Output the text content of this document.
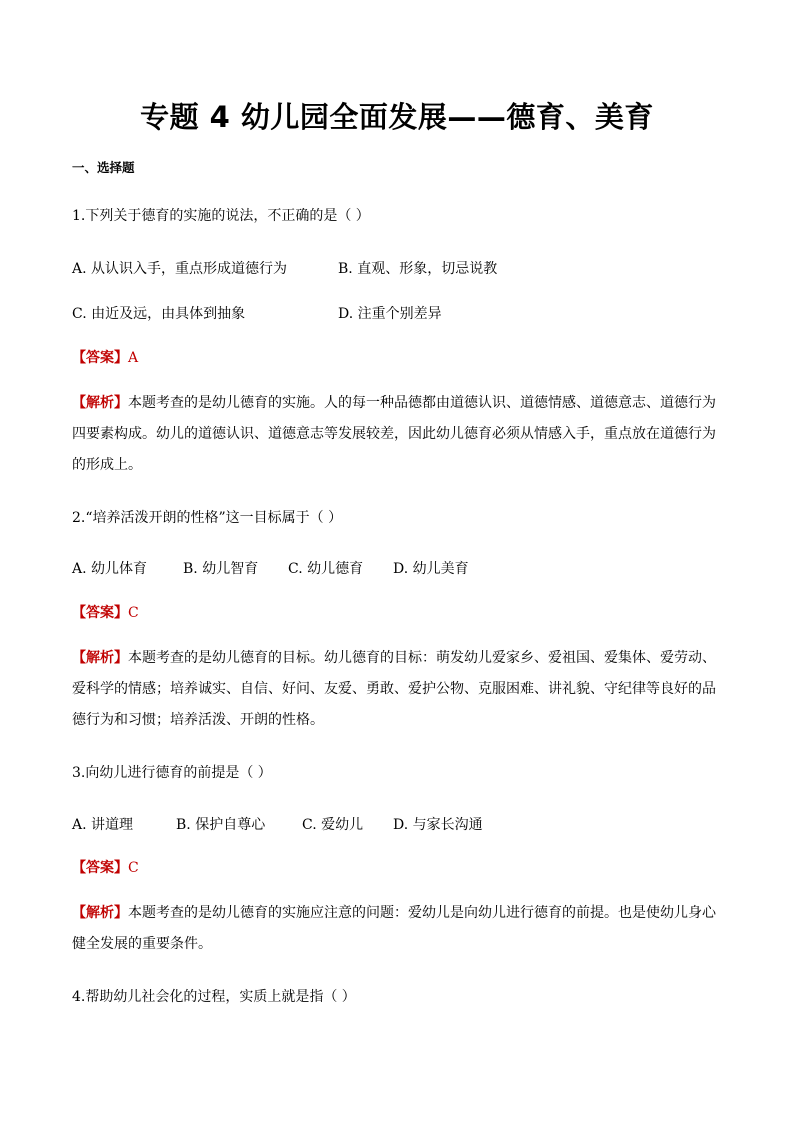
专题 4 幼儿园全面发展——德育、美育
一、选择题
1.下列关于德育的实施的说法，不正确的是（ ）
A. 从认识入手，重点形成道德行为	B. 直观、形象，切忌说教
C. 由近及远，由具体到抽象	D. 注重个别差异
【答案】A
【解析】本题考查的是幼儿德育的实施。人的每一种品德都由道德认识、道德情感、道德意志、道德行为四要素构成。幼儿的道德认识、道德意志等发展较差，因此幼儿德育必须从情感入手，重点放在道德行为的形成上。
2.“培养活泼开朗的性格”这一目标属于（ ）
A. 幼儿体育	B. 幼儿智育 C. 幼儿德育 D. 幼儿美育
【答案】C
【解析】本题考查的是幼儿德育的目标。幼儿德育的目标：萌发幼儿爱家乡、爱祖国、爱集体、爱劳动、爱科学的情感；培养诚实、自信、好问、友爱、勇敢、爱护公物、克服困难、讲礼貌、守纪律等良好的品德行为和习惯；培养活泼、开朗的性格。
3.向幼儿进行德育的前提是（ ）
A. 讲道理	B. 保护自尊心	C. 爱幼儿 D. 与家长沟通
【答案】C
【解析】本题考查的是幼儿德育的实施应注意的问题：爱幼儿是向幼儿进行德育的前提。也是使幼儿身心健全发展的重要条件。
4.帮助幼儿社会化的过程，实质上就是指（ ）
